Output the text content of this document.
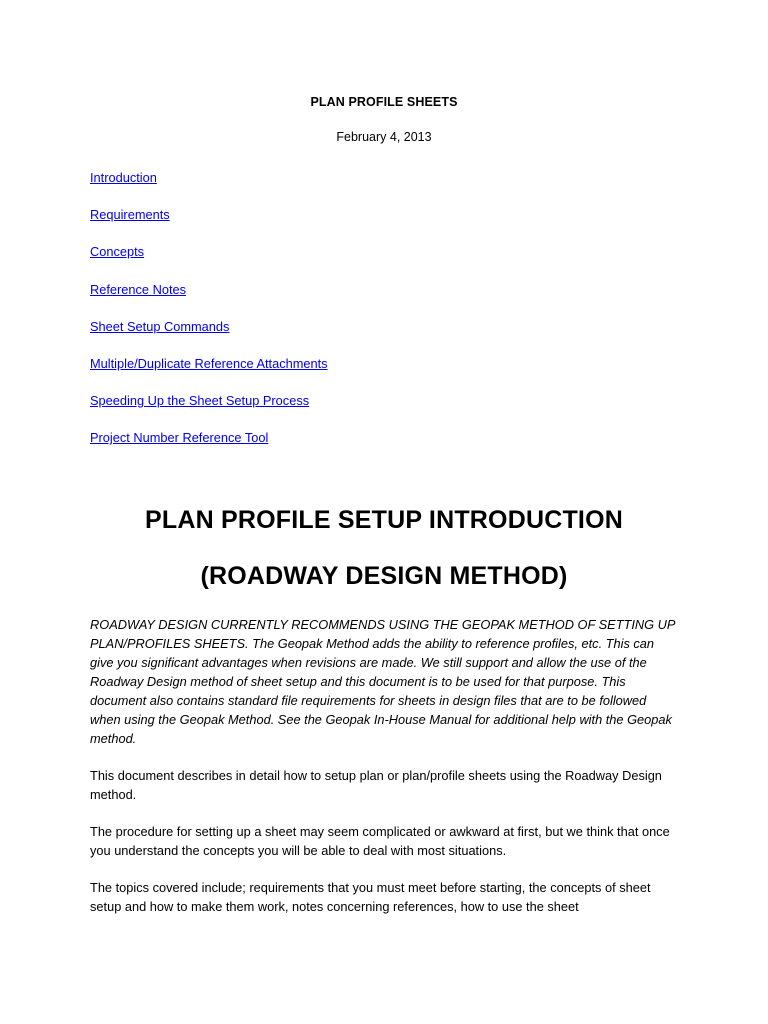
PLAN PROFILE SHEETS
February 4, 2013
Introduction
Requirements
Concepts
Reference Notes
Sheet Setup Commands
Multiple/Duplicate Reference Attachments
Speeding Up the Sheet Setup Process
Project Number Reference Tool
PLAN PROFILE SETUP INTRODUCTION
(ROADWAY DESIGN METHOD)

ROADWAY DESIGN CURRENTLY RECOMMENDS USING THE GEOPAK METHOD OF SETTING UP PLAN/PROFILES SHEETS. The Geopak Method adds the ability to reference profiles, etc. This can give you significant advantages when revisions are made. We still support and allow the use of the Roadway Design method of sheet setup and this document is to be used for that purpose. This document also contains standard file requirements for sheets in design files that are to be followed when using the Geopak Method. See the Geopak In-House Manual for additional help with the Geopak method.

This document describes in detail how to setup plan or plan/profile sheets using the Roadway Design method.

The procedure for setting up a sheet may seem complicated or awkward at first, but we think that once you understand the concepts you will be able to deal with most situations.

The topics covered include; requirements that you must meet before starting, the concepts of sheet setup and how to make them work, notes concerning references, how to use the sheet
